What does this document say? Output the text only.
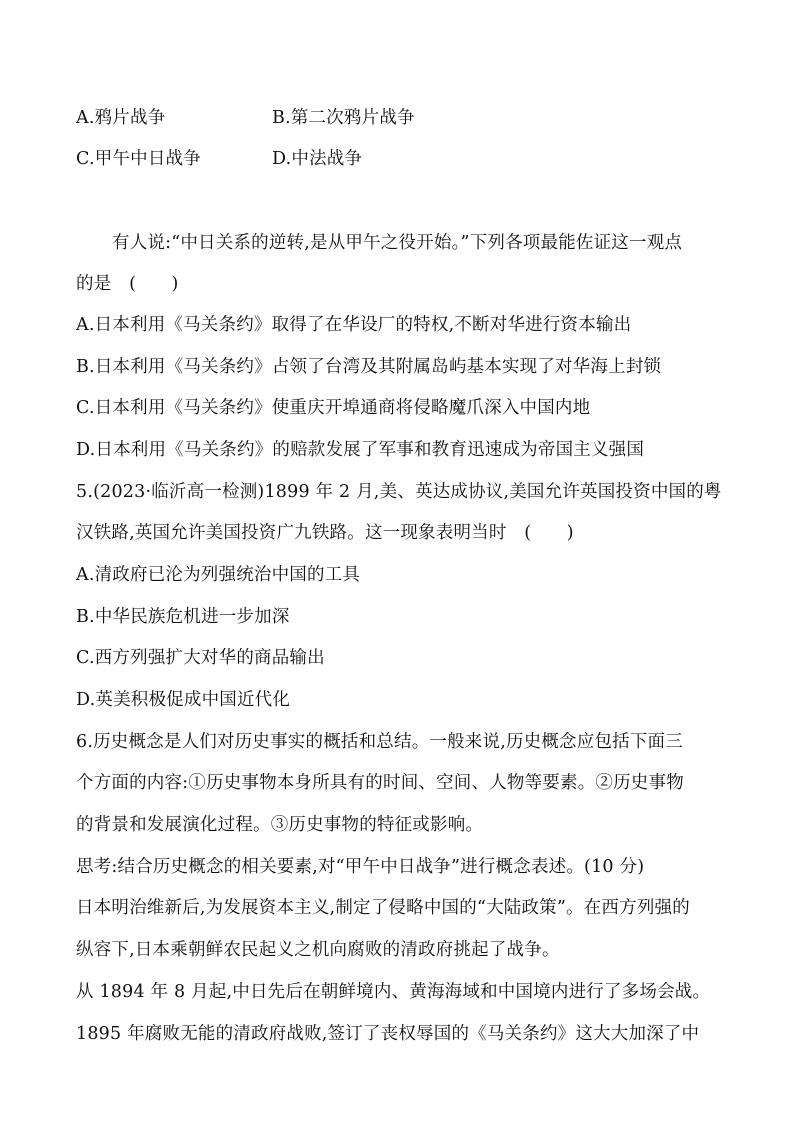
A.鸦片战争	B.第二次鸦片战争
C.甲午中日战争	D.中法战争
有人说:“中日关系的逆转,是从甲午之役开始。”下列各项最能佐证这一观点
的是　(　　)
A.日本利用《马关条约》取得了在华设厂的特权,不断对华进行资本输出
B.日本利用《马关条约》占领了台湾及其附属岛屿基本实现了对华海上封锁
C.日本利用《马关条约》使重庆开埠通商将侵略魔爪深入中国内地
D.日本利用《马关条约》的赔款发展了军事和教育迅速成为帝国主义强国
5.(2023·临沂高一检测)1899 年 2 月,美、英达成协议,美国允许英国投资中国的粤
汉铁路,英国允许美国投资广九铁路。这一现象表明当时　(　　)
A.清政府已沦为列强统治中国的工具
B.中华民族危机进一步加深
C.西方列强扩大对华的商品输出
D.英美积极促成中国近代化
6.历史概念是人们对历史事实的概括和总结。一般来说,历史概念应包括下面三
个方面的内容:①历史事物本身所具有的时间、空间、人物等要素。②历史事物
的背景和发展演化过程。③历史事物的特征或影响。
思考:结合历史概念的相关要素,对“甲午中日战争”进行概念表述。(10 分)
日本明治维新后,为发展资本主义,制定了侵略中国的“大陆政策”。在西方列强的
纵容下,日本乘朝鲜农民起义之机向腐败的清政府挑起了战争。
从 1894 年 8 月起,中日先后在朝鲜境内、黄海海域和中国境内进行了多场会战。
1895 年腐败无能的清政府战败,签订了丧权辱国的《马关条约》这大大加深了中
